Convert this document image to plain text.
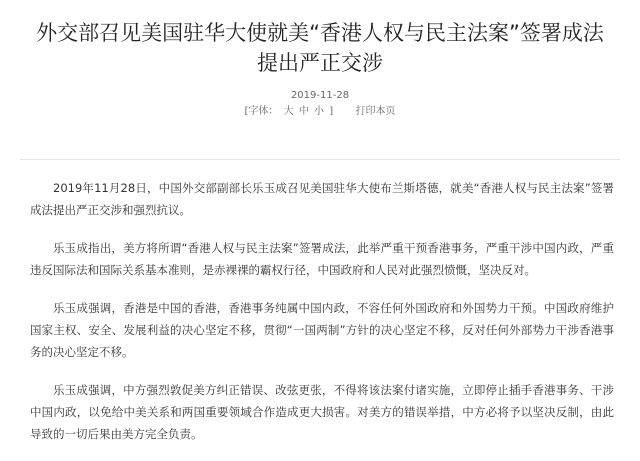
外交部召见美国驻华大使就美“香港人权与民主法案”签署成法提出严正交涉
2019-11-28
[字体： 大 中 小 ] 打印本页

2019年11月28日，中国外交部副部长乐玉成召见美国驻华大使布兰斯塔德，就美“香港人权与民主法案”签署成法提出严正交涉和强烈抗议。

乐玉成指出，美方将所谓“香港人权与民主法案”签署成法，此举严重干预香港事务，严重干涉中国内政，严重违反国际法和国际关系基本准则，是赤裸裸的霸权行径，中国政府和人民对此强烈愤慨，坚决反对。

乐玉成强调，香港是中国的香港，香港事务纯属中国内政，不容任何外国政府和外国势力干预。中国政府维护国家主权、安全、发展利益的决心坚定不移，贯彻“一国两制”方针的决心坚定不移，反对任何外部势力干涉香港事务的决心坚定不移。

乐玉成强调，中方强烈敦促美方纠正错误、改弦更张，不得将该法案付诸实施，立即停止插手香港事务、干涉中国内政，以免给中美关系和两国重要领域合作造成更大损害。对美方的错误举措，中方必将予以坚决反制，由此导致的一切后果由美方完全负责。
